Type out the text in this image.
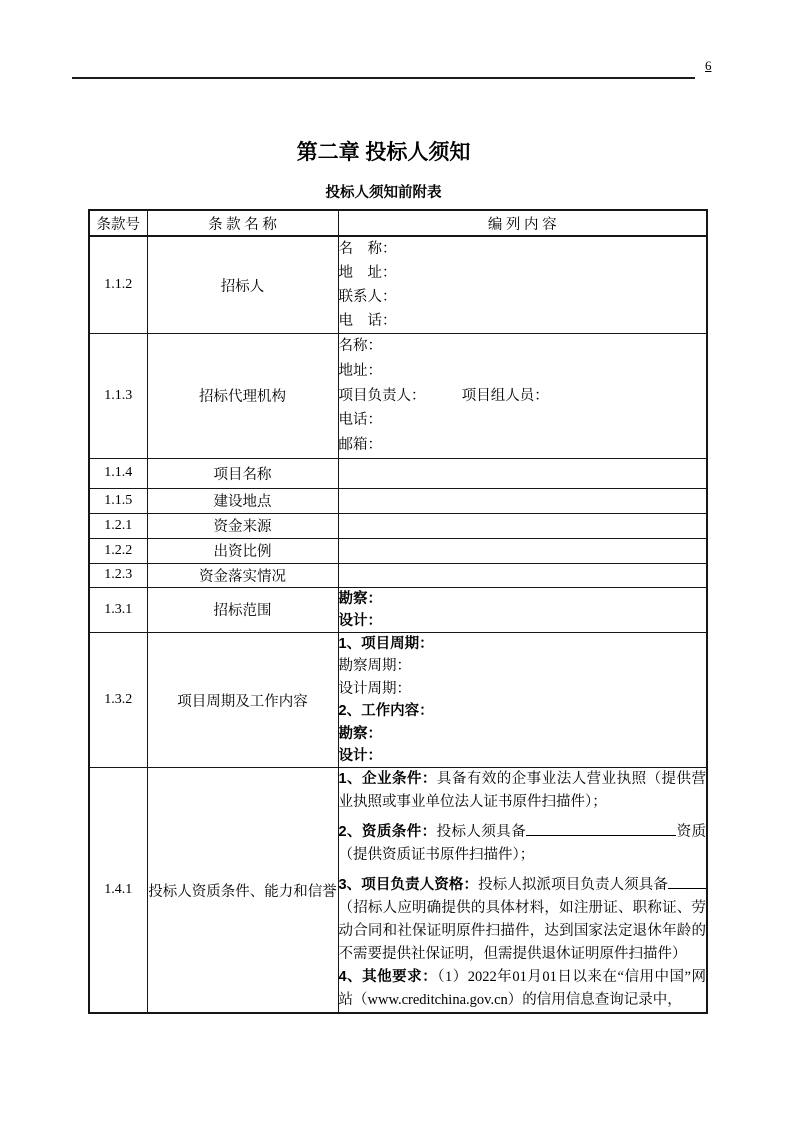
6
第二章 投标人须知
投标人须知前附表
条款号	条 款 名 称	编 列 内 容
1.1.2	招标人	名　称：
地　址：
联系人：
电　话：

1.1.3	招标代理机构	名称：
地址：
项目负责人：　　　项目组人员：
电话：
邮箱：

1.1.4	项目名称	
1.1.5	建设地点	
1.2.1	资金来源	
1.2.2	出资比例	
1.2.3	资金落实情况	
1.3.1	招标范围	勘察：
设计：

1.3.2	项目周期及工作内容	
1、项目周期：
勘察周期：
设计周期：
2、工作内容：
勘察：
设计：

1.4.1	投标人资质条件、能力和信誉	1、企业条件：具备有效的企事业法人营业执照（提供营业执照或事业单位法人证书原件扫描件）；

2、资质条件：投标人须具备 资质（提供资质证书原件扫描件）；

3、项目负责人资格：投标人拟派项目负责人须具备（招标人应明确提供的具体材料，如注册证、职称证、劳动合同和社保证明原件扫描件，达到国家法定退休年龄的不需要提供社保证明，但需提供退休证明原件扫描件）

4、其他要求：（1）2022年01月01日以来在“信用中国”网站（www.creditchina.gov.cn）的信用信息查询记录中，
